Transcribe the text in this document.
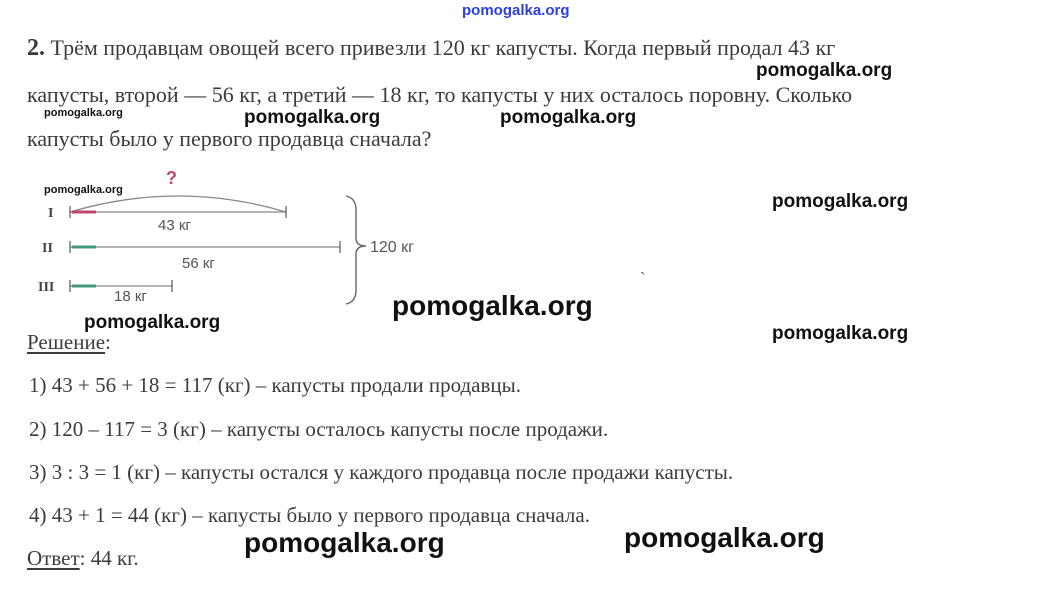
pomogalka.org
2. Трём продавцам овощей всего привезли 120 кг капусты. Когда первый продал 43 кг
капусты, второй — 56 кг, а третий — 18 кг, то капусты у них осталось поровну. Сколько
капусты было у первого продавца сначала?
?
I
43 кг
II
56 кг
III
18 кг
120 кг
`
Решение:
1) 43 + 56 + 18 = 117 (кг) – капусты продали продавцы.
2) 120 – 117 = 3 (кг) – капусты осталось капусты после продажи.
3) 3 : 3 = 1 (кг) – капусты остался у каждого продавца после продажи капусты.
4) 43 + 1 = 44 (кг) – капусты было у первого продавца сначала.
Ответ: 44 кг.
pomogalka.org
pomogalka.org	pomogalka.org	pomogalka.org
pomogalka.org
pomogalka.org
pomogalka.org
pomogalka.org
pomogalka.org
pomogalka.org	pomogalka.org
